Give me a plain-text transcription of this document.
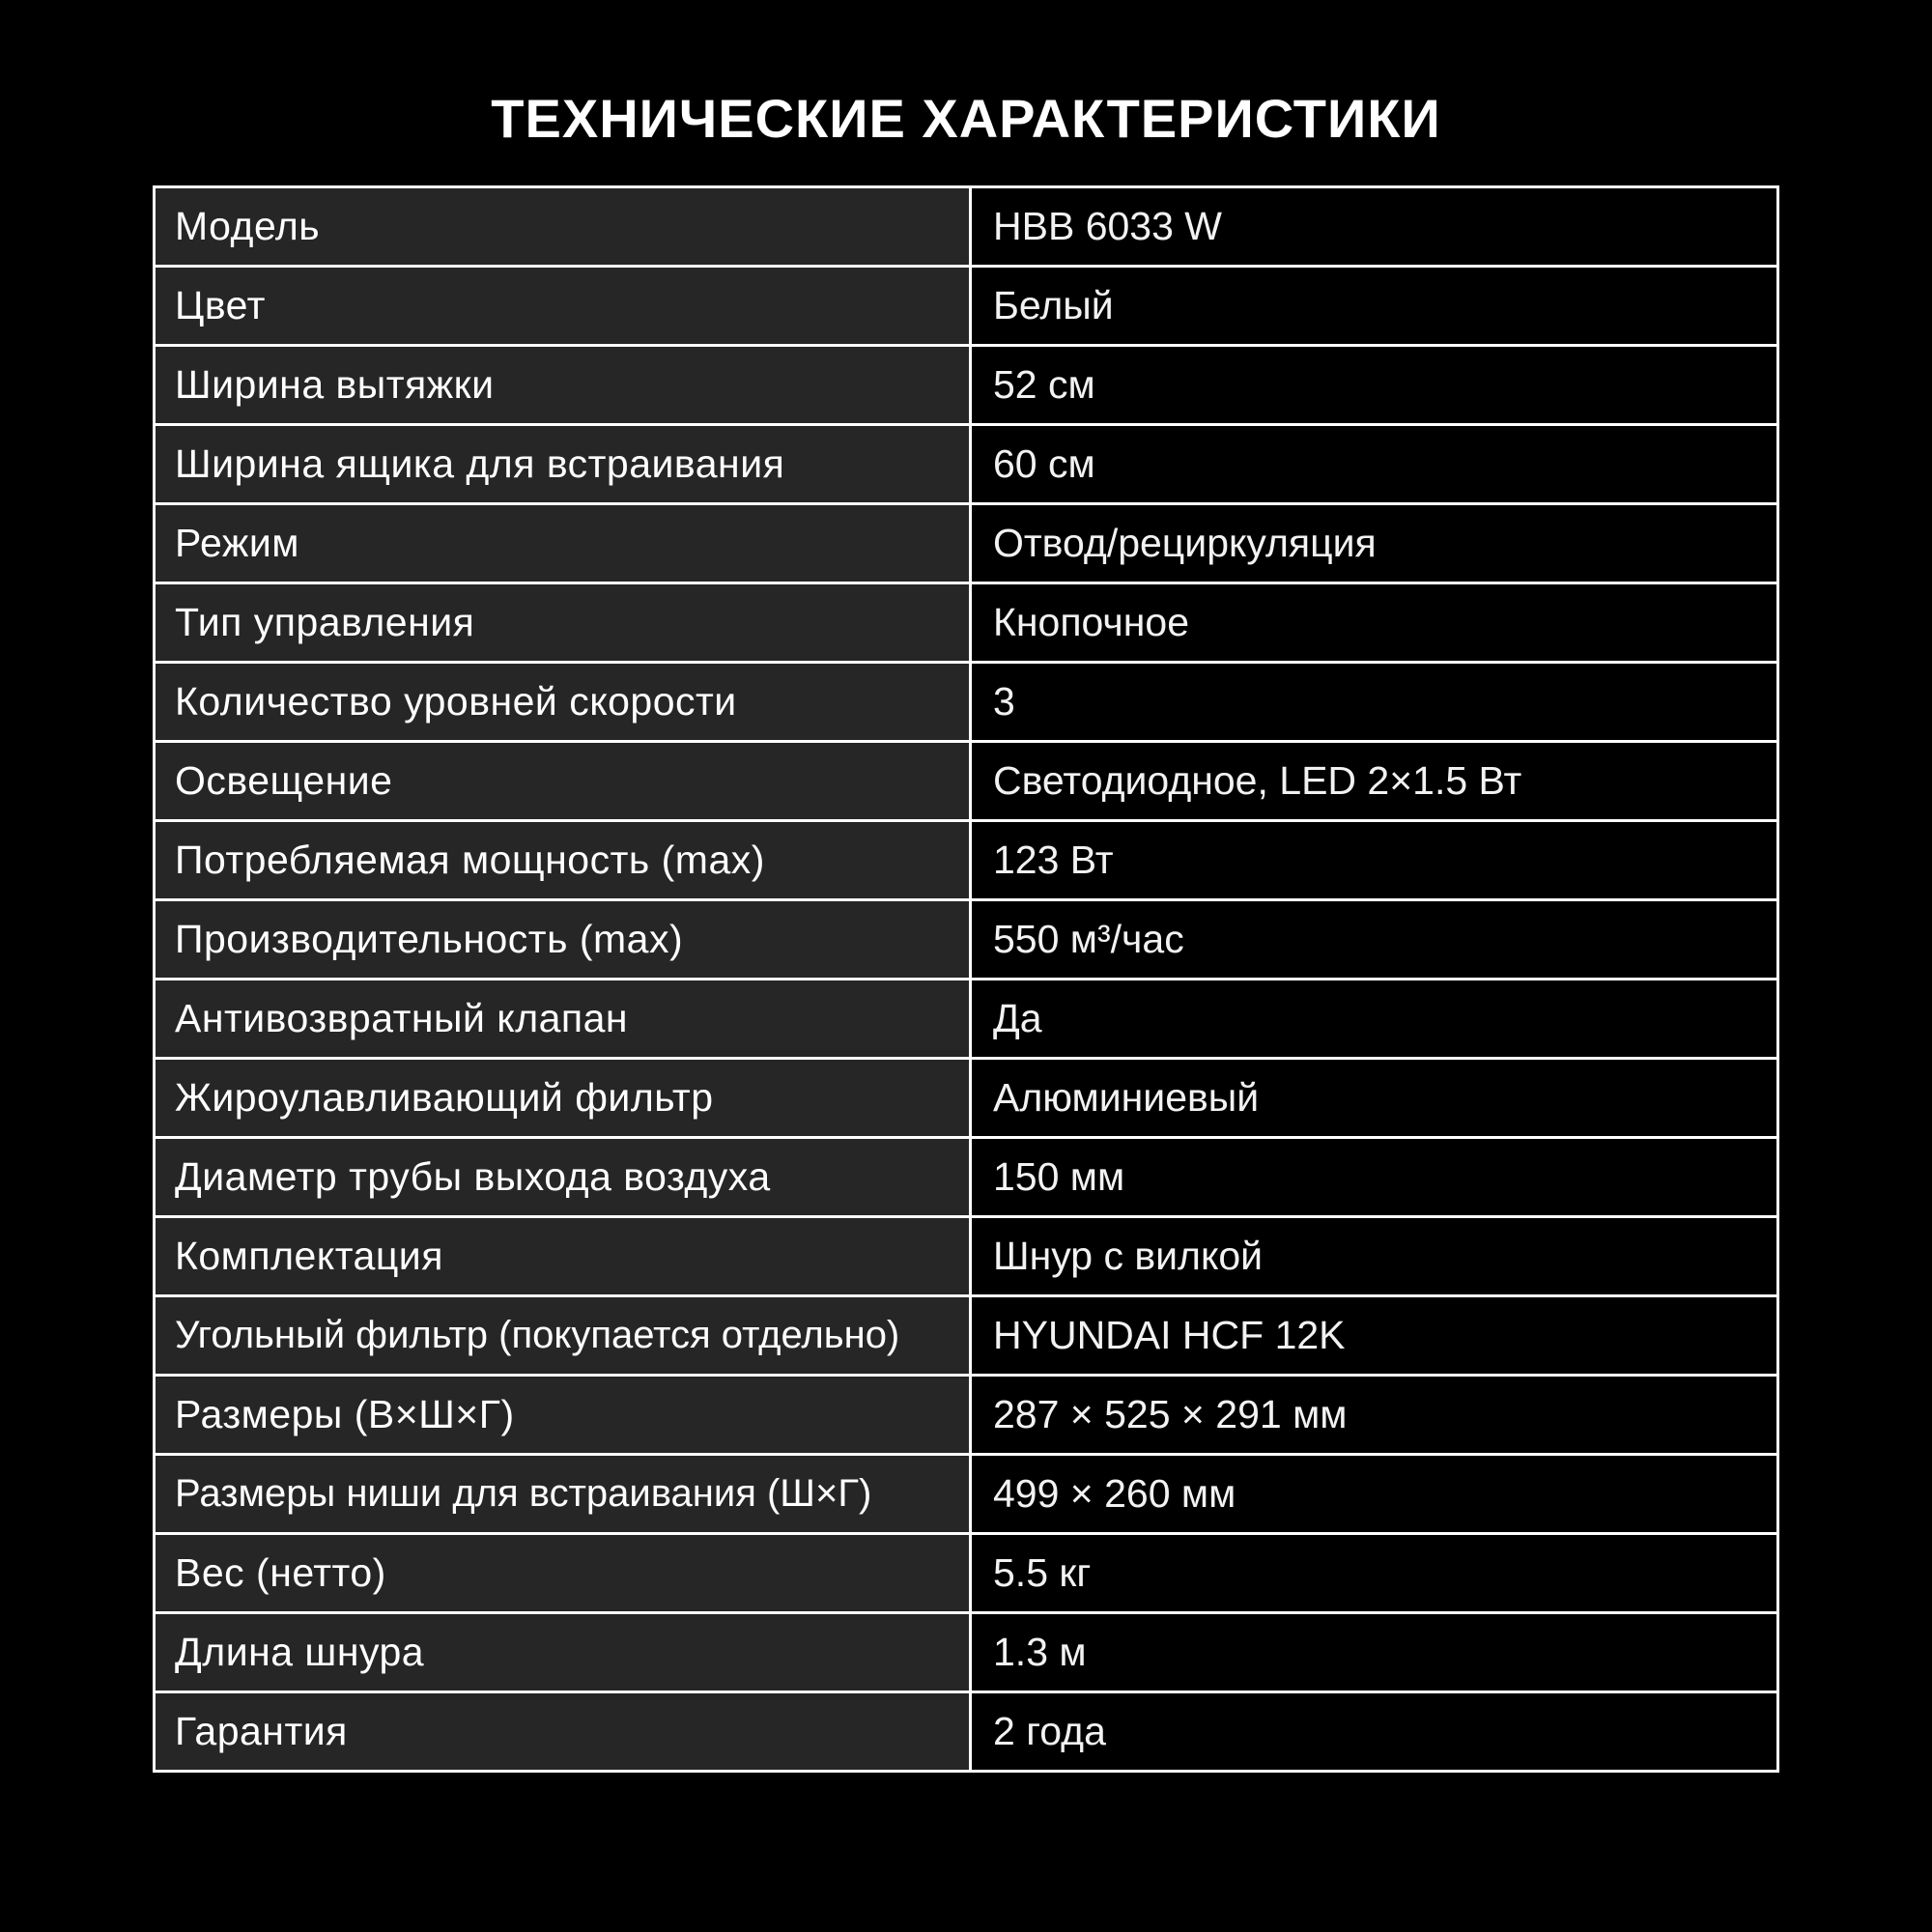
ТЕХНИЧЕСКИЕ ХАРАКТЕРИСТИКИ
Модель	HBB 6033 W
Цвет	Белый
Ширина вытяжки	52 см
Ширина ящика для встраивания	60 см
Режим	Отвод/рециркуляция
Тип управления	Кнопочное
Количество уровней скорости	3
Освещение	Светодиодное, LED 2×1.5 Вт
Потребляемая мощность (max)	123 Вт
Производительность (max)	550 м³/час
Антивозвратный клапан	Да
Жироулавливающий фильтр	Алюминиевый
Диаметр трубы выхода воздуха	150 мм
Комплектация	Шнур с вилкой
Угольный фильтр (покупается отдельно)	HYUNDAI HCF 12K
Размеры (В×Ш×Г)	287 × 525 × 291 мм
Размеры ниши для встраивания (Ш×Г)	499 × 260 мм
Вес (нетто)	5.5 кг
Длина шнура	1.3 м
Гарантия	2 года
